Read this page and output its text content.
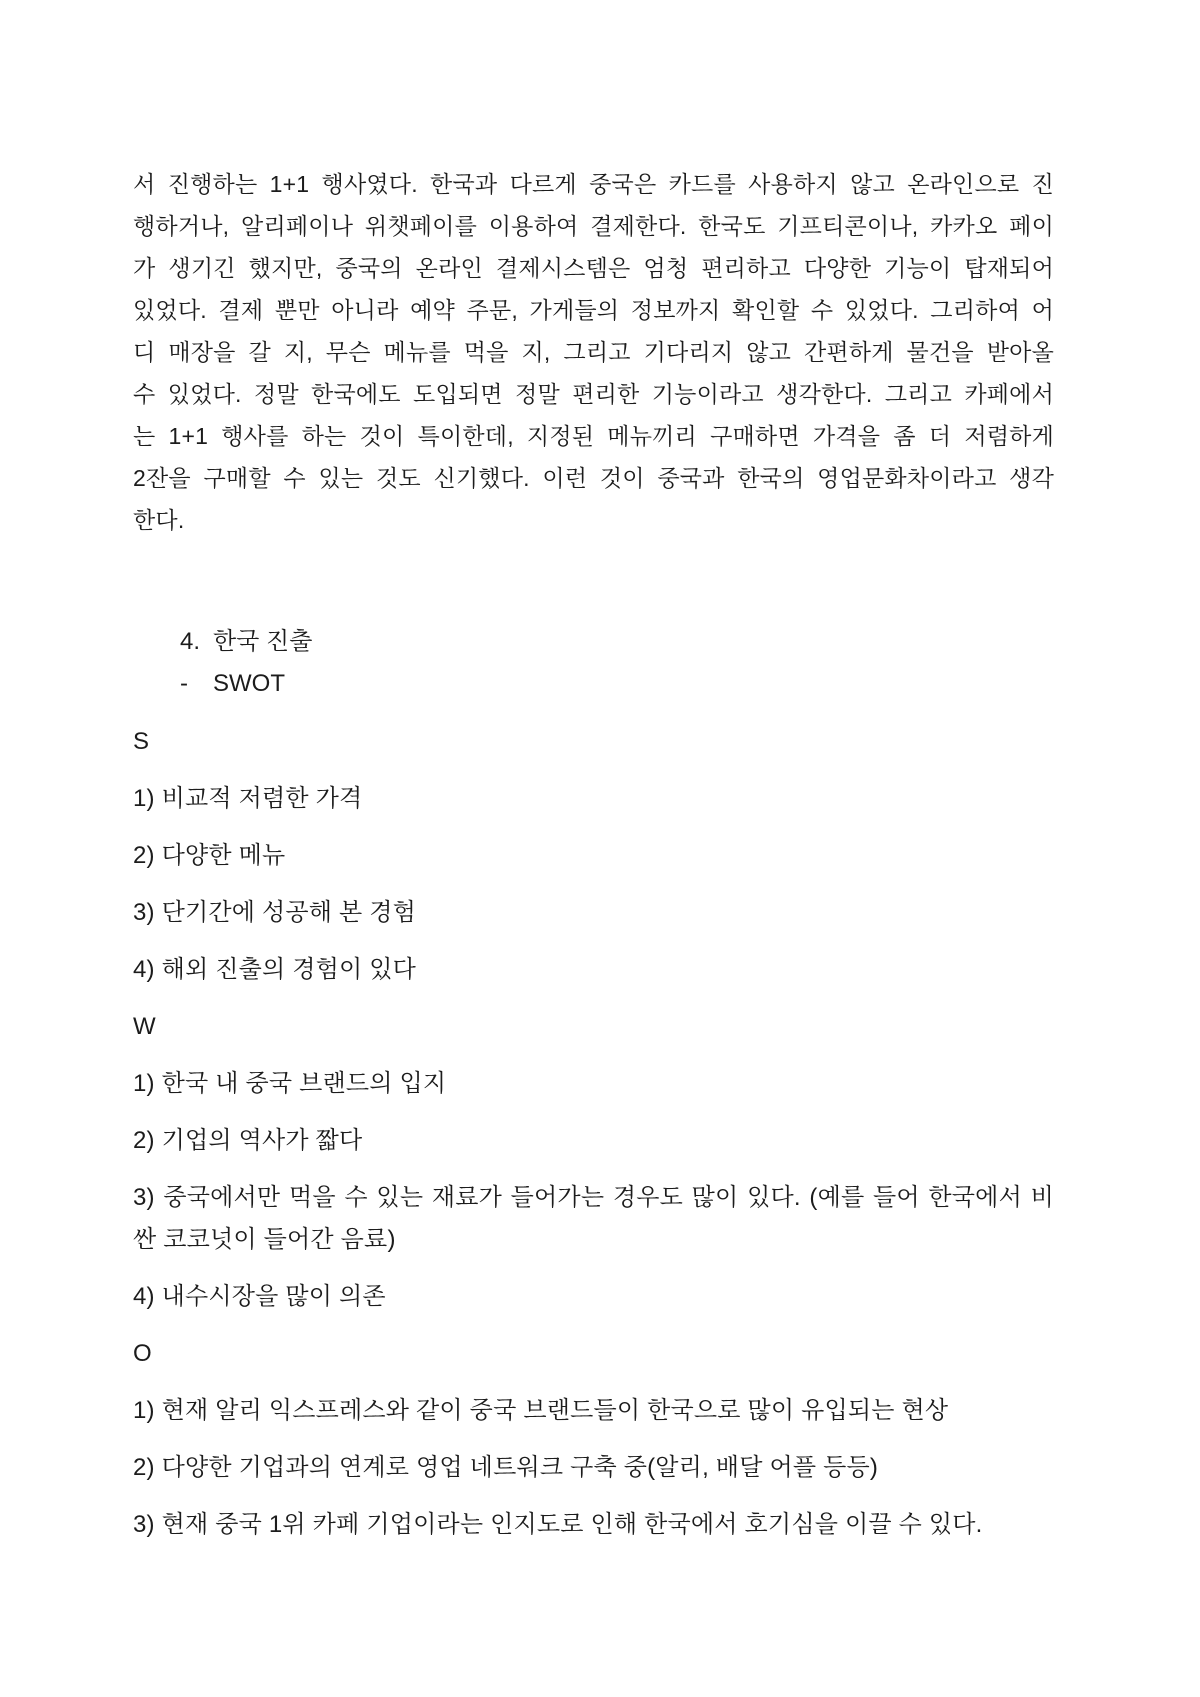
서 진행하는 1+1 행사였다. 한국과 다르게 중국은 카드를 사용하지 않고 온라인으로 진
행하거나, 알리페이나 위챗페이를 이용하여 결제한다. 한국도 기프티콘이나, 카카오 페이
가 생기긴 했지만, 중국의 온라인 결제시스템은 엄청 편리하고 다양한 기능이 탑재되어
있었다. 결제 뿐만 아니라 예약 주문, 가게들의 정보까지 확인할 수 있었다. 그리하여 어
디 매장을 갈 지, 무슨 메뉴를 먹을 지, 그리고 기다리지 않고 간편하게 물건을 받아올
수 있었다. 정말 한국에도 도입되면 정말 편리한 기능이라고 생각한다. 그리고 카페에서
는 1+1 행사를 하는 것이 특이한데, 지정된 메뉴끼리 구매하면 가격을 좀 더 저렴하게
2잔을 구매할 수 있는 것도 신기했다. 이런 것이 중국과 한국의 영업문화차이라고 생각
한다.
4. 한국 진출
- SWOT
S
1) 비교적 저렴한 가격
2) 다양한 메뉴
3) 단기간에 성공해 본 경험
4) 해외 진출의 경험이 있다
W
1) 한국 내 중국 브랜드의 입지
2) 기업의 역사가 짧다
3) 중국에서만 먹을 수 있는 재료가 들어가는 경우도 많이 있다. (예를 들어 한국에서 비
싼 코코넛이 들어간 음료)
4) 내수시장을 많이 의존
O
1) 현재 알리 익스프레스와 같이 중국 브랜드들이 한국으로 많이 유입되는 현상
2) 다양한 기업과의 연계로 영업 네트워크 구축 중(알리, 배달 어플 등등)
3) 현재 중국 1위 카페 기업이라는 인지도로 인해 한국에서 호기심을 이끌 수 있다.
